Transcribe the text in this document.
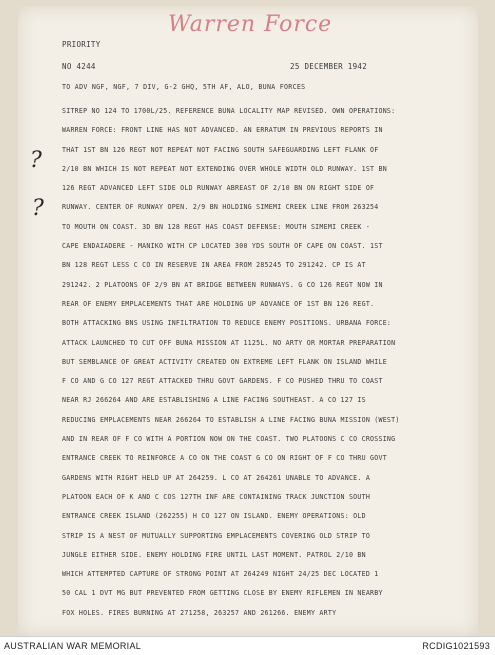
Warren Force
PRIORITY
NO 4244	25 DECEMBER 1942
TO ADV NGF, NGF, 7 DIV, G-2 GHQ, 5TH AF, ALO, BUNA FORCES
?
?
SITREP NO 124 TO 1700L/25. REFERENCE BUNA LOCALITY MAP REVISED. OWN OPERATIONS:
WARREN FORCE: FRONT LINE HAS NOT ADVANCED. AN ERRATUM IN PREVIOUS REPORTS IN
THAT 1ST BN 126 REGT NOT REPEAT NOT FACING SOUTH SAFEGUARDING LEFT FLANK OF
2/10 BN WHICH IS NOT REPEAT NOT EXTENDING OVER WHOLE WIDTH OLD RUNWAY. 1ST BN
126 REGT ADVANCED LEFT SIDE OLD RUNWAY ABREAST OF 2/10 BN ON RIGHT SIDE OF
RUNWAY. CENTER OF RUNWAY OPEN. 2/9 BN HOLDING SIMEMI CREEK LINE FROM 263254
TO MOUTH ON COAST. 3D BN 128 REGT HAS COAST DEFENSE: MOUTH SIMEMI CREEK -
CAPE ENDAIADERE - MANIKO WITH CP LOCATED 300 YDS SOUTH OF CAPE ON COAST. 1ST
BN 128 REGT LESS C CO IN RESERVE IN AREA FROM 285245 TO 291242. CP IS AT
291242. 2 PLATOONS OF 2/9 BN AT BRIDGE BETWEEN RUNWAYS. G CO 126 REGT NOW IN
REAR OF ENEMY EMPLACEMENTS THAT ARE HOLDING UP ADVANCE OF 1ST BN 126 REGT.
BOTH ATTACKING BNS USING INFILTRATION TO REDUCE ENEMY POSITIONS. URBANA FORCE:
ATTACK LAUNCHED TO CUT OFF BUNA MISSION AT 1125L. NO ARTY OR MORTAR PREPARATION
BUT SEMBLANCE OF GREAT ACTIVITY CREATED ON EXTREME LEFT FLANK ON ISLAND WHILE
F CO AND G CO 127 REGT ATTACKED THRU GOVT GARDENS. F CO PUSHED THRU TO COAST
NEAR RJ 266264 AND ARE ESTABLISHING A LINE FACING SOUTHEAST. A CO 127 IS
REDUCING EMPLACEMENTS NEAR 266264 TO ESTABLISH A LINE FACING BUNA MISSION (WEST)
AND IN REAR OF F CO WITH A PORTION NOW ON THE COAST. TWO PLATOONS C CO CROSSING
ENTRANCE CREEK TO REINFORCE A CO ON THE COAST G CO ON RIGHT OF F CO THRU GOVT
GARDENS WITH RIGHT HELD UP AT 264259. L CO AT 264261 UNABLE TO ADVANCE. A
PLATOON EACH OF K AND C COS 127TH INF ARE CONTAINING TRACK JUNCTION SOUTH
ENTRANCE CREEK ISLAND (262255) H CO 127 ON ISLAND. ENEMY OPERATIONS: OLD
STRIP IS A NEST OF MUTUALLY SUPPORTING EMPLACEMENTS COVERING OLD STRIP TO
JUNGLE EITHER SIDE. ENEMY HOLDING FIRE UNTIL LAST MOMENT. PATROL 2/10 BN
WHICH ATTEMPTED CAPTURE OF STRONG POINT AT 264249 NIGHT 24/25 DEC LOCATED 1
50 CAL 1 DVT MG BUT PREVENTED FROM GETTING CLOSE BY ENEMY RIFLEMEN IN NEARBY
FOX HOLES. FIRES BURNING AT 271258, 263257 AND 261266. ENEMY ARTY
AUSTRALIAN WAR MEMORIAL	RCDIG1021593
